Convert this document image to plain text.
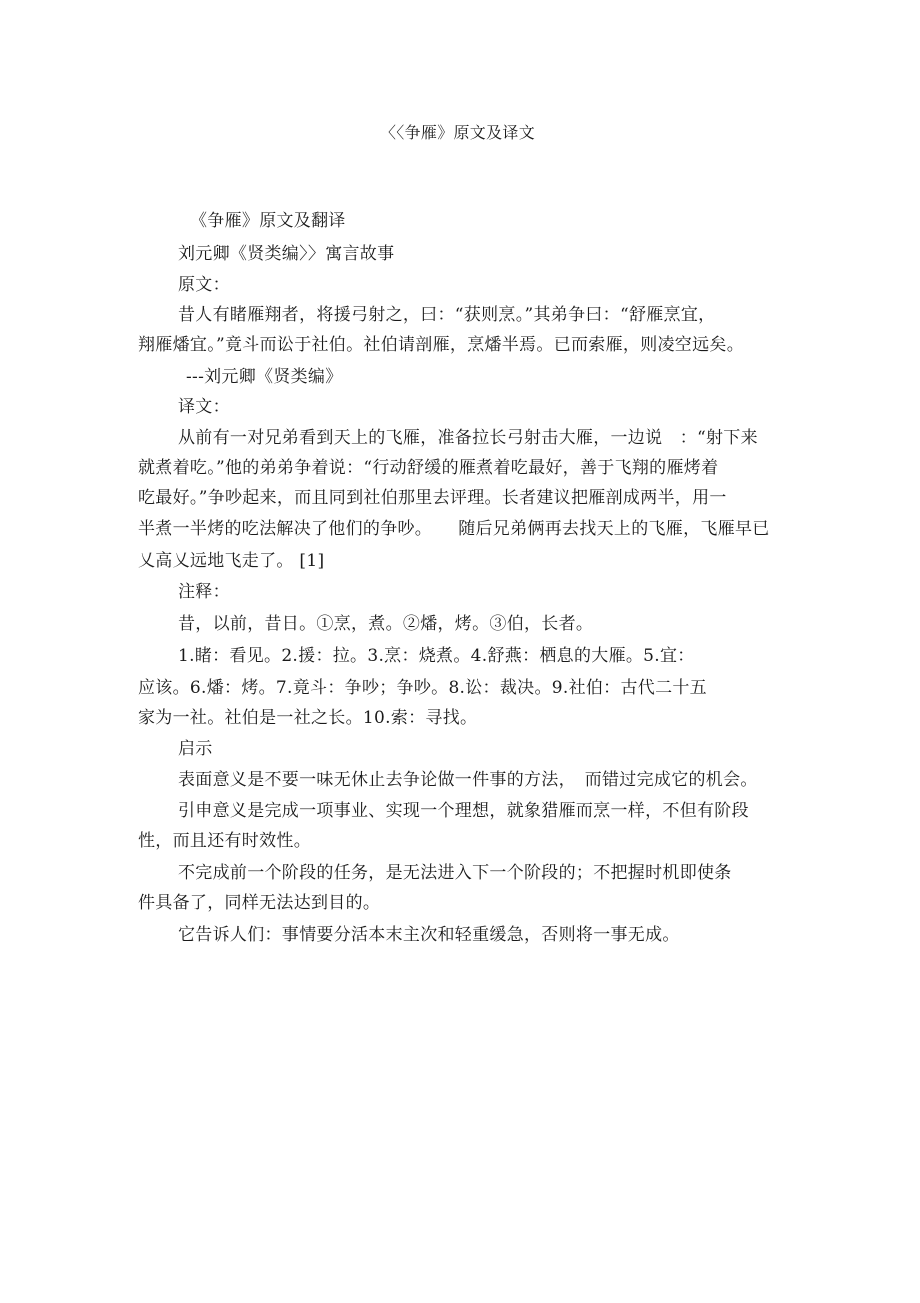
〈〈争雁》原文及译文
《争雁》原文及翻译
刘元卿《贤类编〉〉寓言故事
原文：
昔人有睹雁翔者，将援弓射之，曰：“获则烹。”其弟争曰：“舒雁烹宜，
翔雁燔宜。”竟斗而讼于社伯。社伯请剖雁，烹燔半焉。已而索雁，则凌空远矣。
---刘元卿《贤类编》
译文：
从前有一对兄弟看到天上的飞雁，准备拉长弓射击大雁，一边说　：“射下来
就煮着吃。”他的弟弟争着说：“行动舒缓的雁煮着吃最好，善于飞翔的雁烤着
吃最好。”争吵起来，而且同到社伯那里去评理。长者建议把雁剖成两半，用一
半煮一半烤的吃法解决了他们的争吵。　　随后兄弟俩再去找天上的飞雁，飞雁早已
乂高乂远地飞走了。 [1]
注释：
昔，以前，昔日。①烹，煮。②燔，烤。③伯，长者。
1.睹：看见。2.援：拉。3.烹：烧煮。4.舒燕：栖息的大雁。5.宜：
应该。6.燔：烤。7.竟斗：争吵；争吵。8.讼：裁决。9.社伯：古代二十五
家为一社。社伯是一社之长。10.索：寻找。
启示
表面意义是不要一味无休止去争论做一件事的方法，　而错过完成它的机会。
引申意义是完成一项事业、实现一个理想，就象猎雁而烹一样，不但有阶段
性，而且还有时效性。
不完成前一个阶段的任务，是无法进入下一个阶段的；不把握时机即使条
件具备了，同样无法达到目的。
它告诉人们：事情要分活本末主次和轻重缓急，否则将一事无成。
